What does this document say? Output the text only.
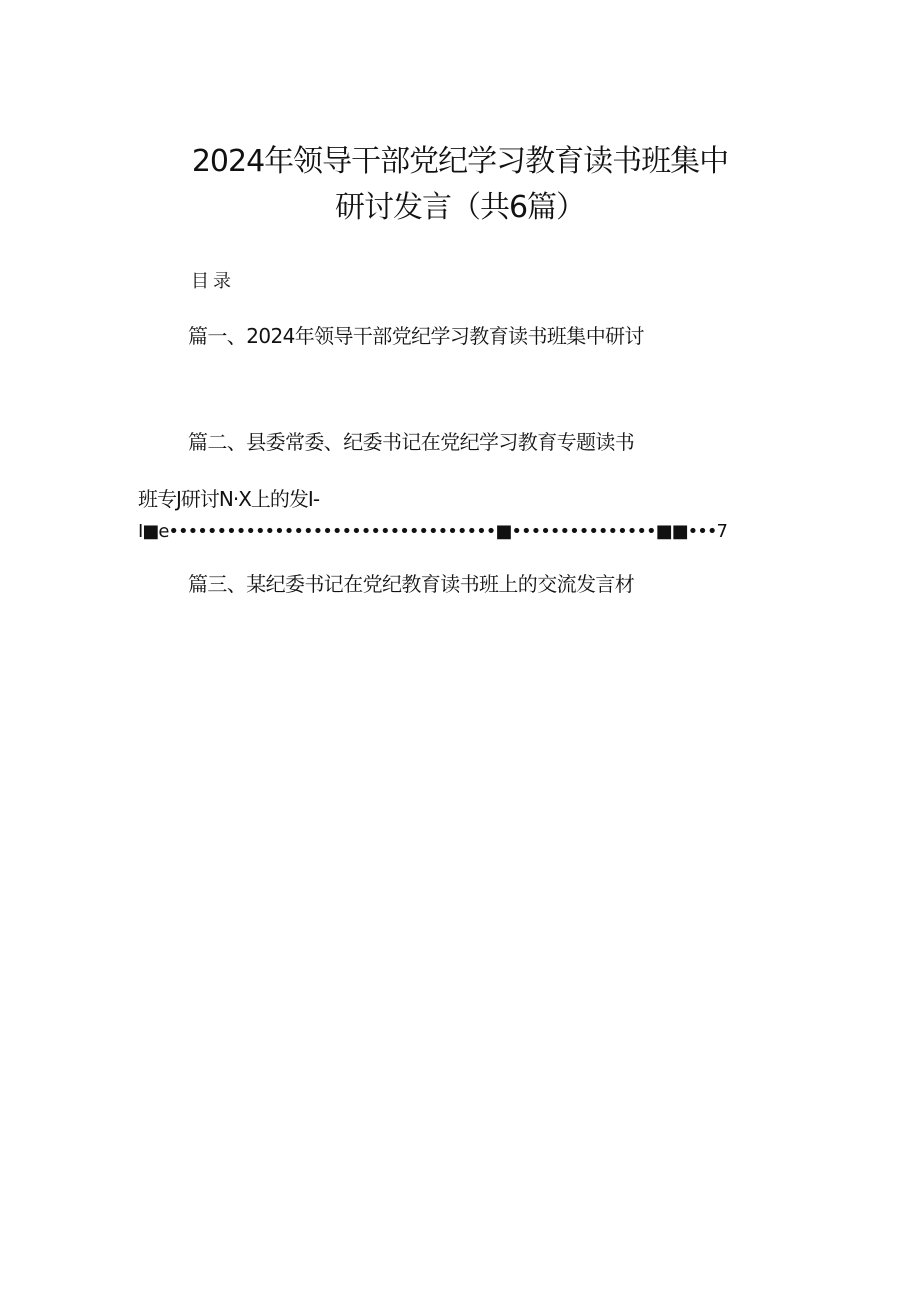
2024年领导干部党纪学习教育读书班集中
研讨发言（共6篇）
目录
篇一、2024年领导干部党纪学习教育读书班集中研讨
篇二、县委常委、纪委书记在党纪学习教育专题读书
班专J研讨N·X上的发I-
I■e••••••••••••••••••••••••••••••••••■•••••••••••••••■■•••7
篇三、某纪委书记在党纪教育读书班上的交流发言材
